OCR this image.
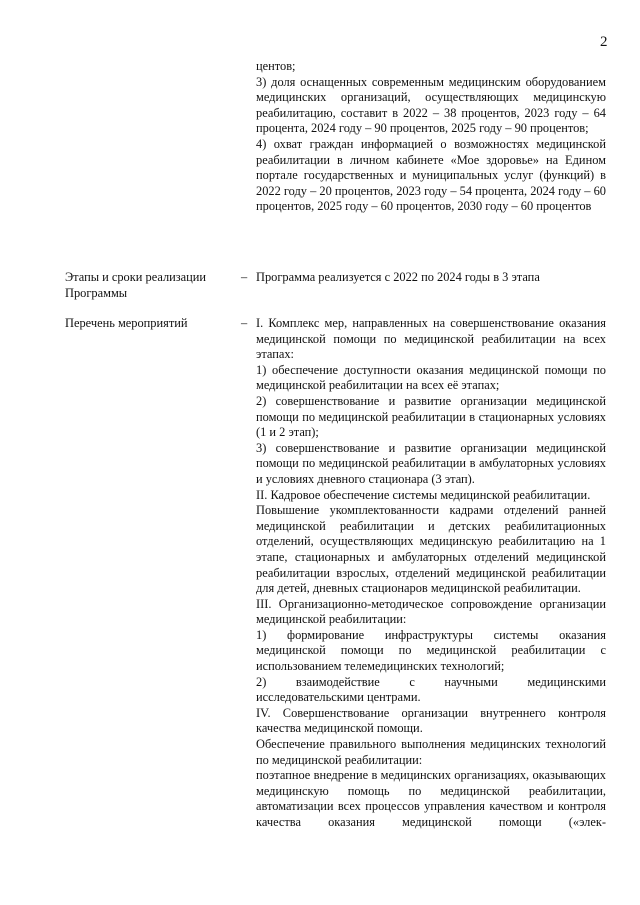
2

центов;

3) доля оснащенных современным медицинским оборудованием медицинских организаций, осуществляющих медицинскую реабилитацию, составит в 2022 – 38 процентов, 2023 году – 64 процента, 2024 году – 90 процентов, 2025 году – 90 процентов;

4) охват граждан информацией о возможностях медицинской реабилитации в личном кабинете «Мое здоровье» на Едином портале государственных и муниципальных услуг (функций) в 2022 году – 20 процентов, 2023 году – 54 процента, 2024 году – 60 процентов, 2025 году – 60 процентов, 2030 году – 60 процентов

Этапы и сроки реализации Программы
– Программа реализуется с 2022 по 2024 годы в 3 этапа

Перечень мероприятий	– I. Комплекс мер, направленных на совершенствование оказания медицинской помощи по медицинской реабилитации на всех этапах:

1) обеспечение доступности оказания медицинской помощи по медицинской реабилитации на всех её этапах;

2) совершенствование и развитие организации медицинской помощи по медицинской реабилитации в стационарных условиях (1 и 2 этап);

3) совершенствование и развитие организации медицинской помощи по медицинской реабилитации в амбулаторных условиях и условиях дневного стационара (3 этап).

II. Кадровое обеспечение системы медицинской реабилитации.

Повышение укомплектованности кадрами отделений ранней медицинской реабилитации и детских реабилитационных отделений, осуществляющих медицинскую реабилитацию на 1 этапе, стационарных и амбулаторных отделений медицинской реабилитации взрослых, отделений медицинской реабилитации для детей, дневных стационаров медицинской реабилитации.

III. Организационно-методическое сопровождение организации медицинской реабилитации:

1) формирование инфраструктуры системы оказания медицинской помощи по медицинской реабилитации с использованием телемедицинских технологий;

2) взаимодействие с научными медицинскими исследовательскими центрами.

IV. Совершенствование организации внутреннего контроля качества медицинской помощи.

Обеспечение правильного выполнения медицинских технологий по медицинской реабилитации:

поэтапное внедрение в медицинских организациях, оказывающих медицинскую помощь по медицинской реабилитации, автоматизации всех процессов управления качеством и контроля качества оказания медицинской помощи («элек-
